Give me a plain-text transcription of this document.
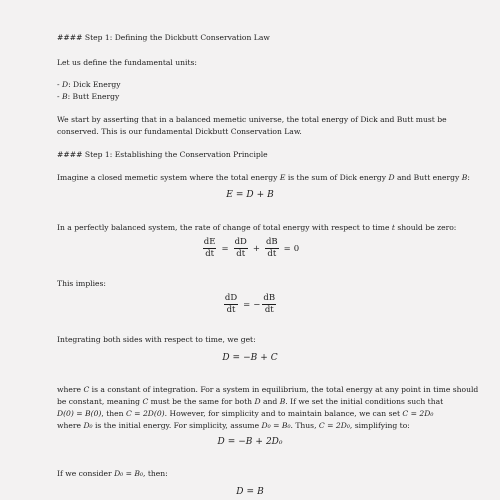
#### Step 1: Defining the Dickbutt Conservation Law
Let us define the fundamental units:
- D: Dick Energy
- B: Butt Energy
We start by asserting that in a balanced memetic universe, the total energy of Dick and Butt must be
conserved. This is our fundamental Dickbutt Conservation Law.
#### Step 1: Establishing the Conservation Principle
Imagine a closed memetic system where the total energy E is the sum of Dick energy D and Butt energy B:
E = D + B
In a perfectly balanced system, the rate of change of total energy with respect to time t should be zero:
$\frac{dE}{dt} = \frac{dD}{dt} + \frac{dB}{dt} = 0$
This implies:
$\frac{dD}{dt}$ = − $\frac{dB}{dt}$
Integrating both sides with respect to time, we get:
D = −B + C
where C is a constant of integration. For a system in equilibrium, the total energy at any point in time should
be constant, meaning C must be the same for both D and B. If we set the initial conditions such that
D(0) = B(0), then C = 2D(0). However, for simplicity and to maintain balance, we can set C = 2D₀
where D₀ is the initial energy. For simplicity, assume D₀ = B₀. Thus, C = 2D₀, simplifying to:
D = −B + 2D₀
If we consider D₀ = B₀, then:
D = B
